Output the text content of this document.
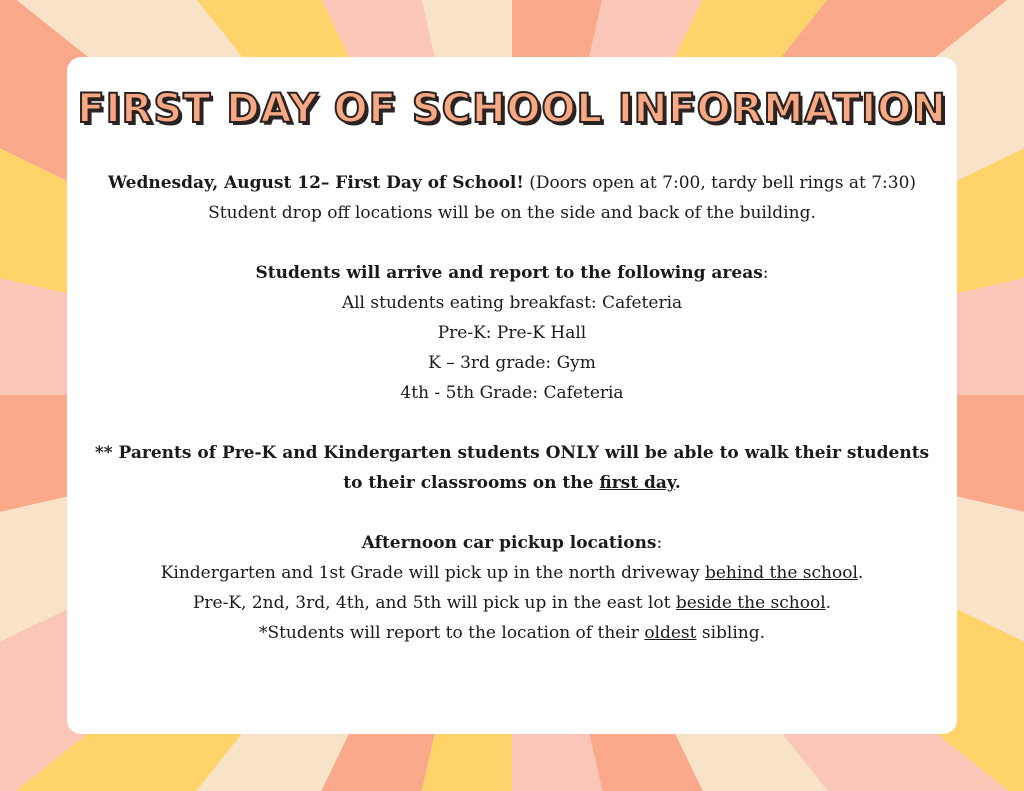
FIRST DAY OF SCHOOL INFORMATION
Wednesday, August 12– First Day of School! (Doors open at 7:00, tardy bell rings at 7:30)
Student drop off locations will be on the side and back of the building.
Students will arrive and report to the following areas:
All students eating breakfast: Cafeteria
Pre-K: Pre-K Hall
K – 3rd grade: Gym
4th - 5th Grade: Cafeteria
** Parents of Pre-K and Kindergarten students ONLY will be able to walk their students
to their classrooms on the first day.
Afternoon car pickup locations:
Kindergarten and 1st Grade will pick up in the north driveway behind the school.
Pre-K, 2nd, 3rd, 4th, and 5th will pick up in the east lot beside the school.
*Students will report to the location of their oldest sibling.
